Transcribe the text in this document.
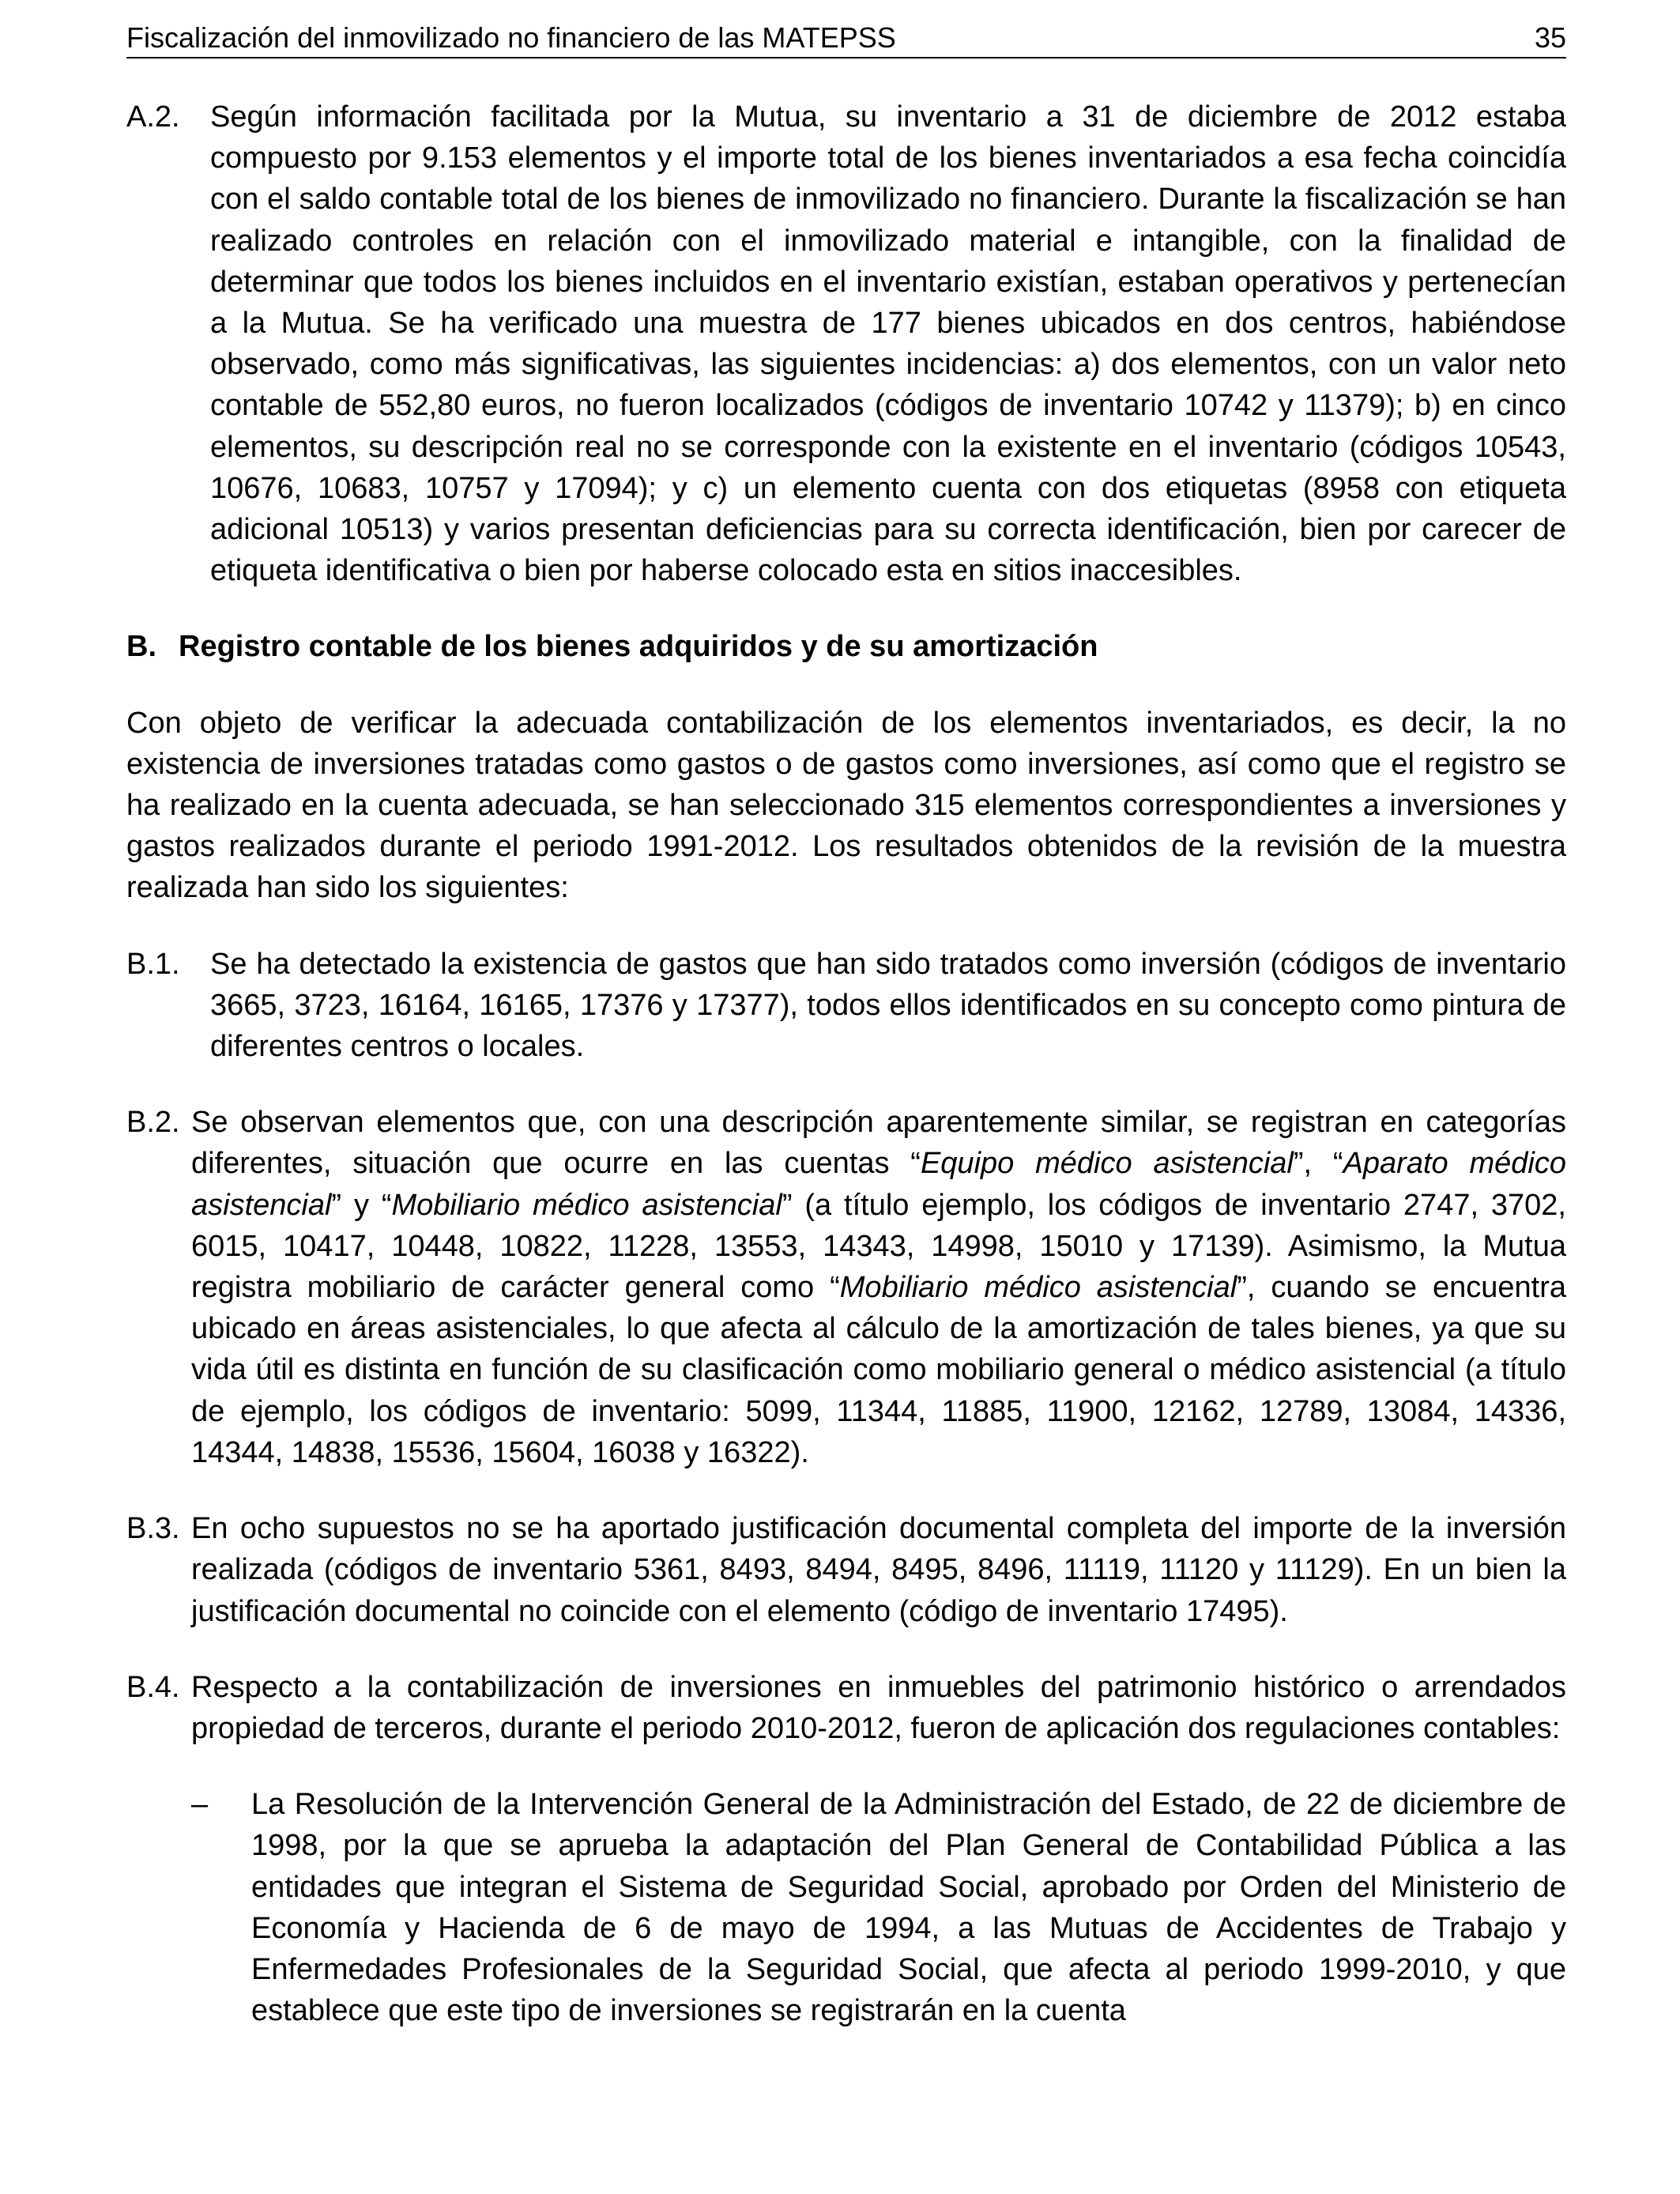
Fiscalización del inmovilizado no financiero de las MATEPSS	35
A.2.	Según información facilitada por la Mutua, su inventario a 31 de diciembre de 2012 estaba compuesto por 9.153 elementos y el importe total de los bienes inventariados a esa fecha coincidía con el saldo contable total de los bienes de inmovilizado no financiero. Durante la fiscalización se han realizado controles en relación con el inmovilizado material e intangible, con la finalidad de determinar que todos los bienes incluidos en el inventario existían, estaban operativos y pertenecían a la Mutua. Se ha verificado una muestra de 177 bienes ubicados en dos centros, habiéndose observado, como más significativas, las siguientes incidencias: a) dos elementos, con un valor neto contable de 552,80 euros, no fueron localizados (códigos de inventario 10742 y 11379); b) en cinco elementos, su descripción real no se corresponde con la existente en el inventario (códigos 10543, 10676, 10683, 10757 y 17094); y c) un elemento cuenta con dos etiquetas (8958 con etiqueta adicional 10513) y varios presentan deficiencias para su correcta identificación, bien por carecer de etiqueta identificativa o bien por haberse colocado esta en sitios inaccesibles.

B. Registro contable de los bienes adquiridos y de su amortización

Con objeto de verificar la adecuada contabilización de los elementos inventariados, es decir, la no existencia de inversiones tratadas como gastos o de gastos como inversiones, así como que el registro se ha realizado en la cuenta adecuada, se han seleccionado 315 elementos correspondientes a inversiones y gastos realizados durante el periodo 1991-2012. Los resultados obtenidos de la revisión de la muestra realizada han sido los siguientes:

B.1.	Se ha detectado la existencia de gastos que han sido tratados como inversión (códigos de inventario 3665, 3723, 16164, 16165, 17376 y 17377), todos ellos identificados en su concepto como pintura de diferentes centros o locales.
B.2. Se observan elementos que, con una descripción aparentemente similar, se registran en categorías diferentes, situación que ocurre en las cuentas “Equipo médico asistencial”, “Aparato médico asistencial” y “Mobiliario médico asistencial” (a título ejemplo, los códigos de inventario 2747, 3702, 6015, 10417, 10448, 10822, 11228, 13553, 14343, 14998, 15010 y 17139). Asimismo, la Mutua registra mobiliario de carácter general como “Mobiliario médico asistencial”, cuando se encuentra ubicado en áreas asistenciales, lo que afecta al cálculo de la amortización de tales bienes, ya que su vida útil es distinta en función de su clasificación como mobiliario general o médico asistencial (a título de ejemplo, los códigos de inventario: 5099, 11344, 11885, 11900, 12162, 12789, 13084, 14336, 14344, 14838, 15536, 15604, 16038 y 16322).
B.3. En ocho supuestos no se ha aportado justificación documental completa del importe de la inversión realizada (códigos de inventario 5361, 8493, 8494, 8495, 8496, 11119, 11120 y 11129). En un bien la justificación documental no coincide con el elemento (código de inventario 17495).
B.4. Respecto a la contabilización de inversiones en inmuebles del patrimonio histórico o arrendados propiedad de terceros, durante el periodo 2010-2012, fueron de aplicación dos regulaciones contables:
–	La Resolución de la Intervención General de la Administración del Estado, de 22 de diciembre de 1998, por la que se aprueba la adaptación del Plan General de Contabilidad Pública a las entidades que integran el Sistema de Seguridad Social, aprobado por Orden del Ministerio de Economía y Hacienda de 6 de mayo de 1994, a las Mutuas de Accidentes de Trabajo y Enfermedades Profesionales de la Seguridad Social, que afecta al periodo 1999-2010, y que establece que este tipo de inversiones se registrarán en la cuenta
